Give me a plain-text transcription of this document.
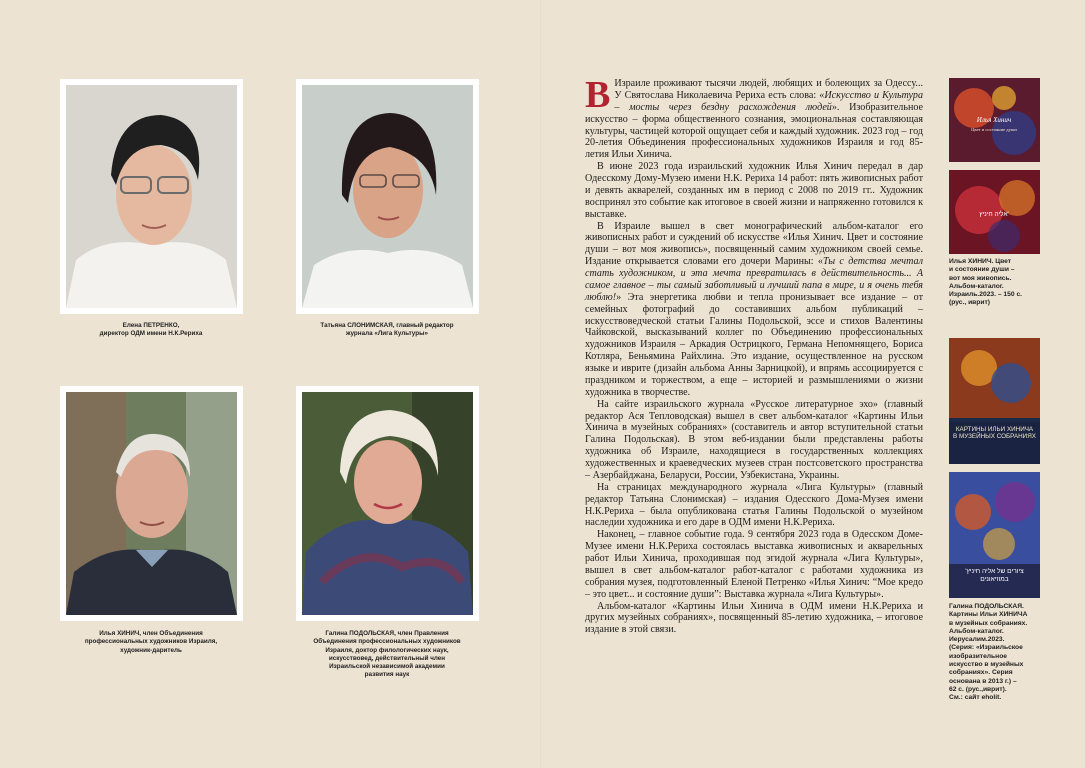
Елена ПЕТРЕНКО,
директор ОДМ имени Н.К.Рериха
Татьяна СЛОНИМСКАЯ, главный редактор
журнала «Лига Культуры»
Илья ХИНИЧ, член Объединения
профессиональных художников Израиля,
художник-даритель
Галина ПОДОЛЬСКАЯ, член Правления
Объединения профессиональных художников
Израиля, доктор филологических наук,
искусствовед, действительный член
Израильской независимой академии
развития наук

В Израиле проживают тысячи людей, любящих и болеющих за Одессу... У Святослава Николаевича Рериха есть слова: «Искусство и Культура – мосты через бездну расхождения людей». Изобразительное искусство – форма общественного сознания, эмоциональная составляющая культуры, частицей которой ощущает себя и каждый художник. 2023 год – год 20-летия Объединения профессиональных художников Израиля и год 85-летия Ильи Хинича.

В июне 2023 года израильский художник Илья Хинич передал в дар Одесскому Дому-Музею имени Н.К. Рериха 14 работ: пять живописных работ и девять акварелей, созданных им в период с 2008 по 2019 гг.. Художник воспринял это событие как итоговое в своей жизни и напряженно готовился к выставке.

В Израиле вышел в свет монографический альбом-каталог его живописных работ и суждений об искусстве «Илья Хинич. Цвет и состояние души – вот моя живопись», посвященный самим художником своей семье. Издание открывается словами его дочери Марины: «Ты с детства мечтал стать художником, и эта мечта превратилась в действительность... А самое главное – ты самый заботливый и лучший папа в мире, и я очень тебя люблю!» Эта энергетика любви и тепла пронизывает все издание – от семейных фотографий до составивших альбом публикаций – искусствоведческой статьи Галины Подольской, эссе и стихов Валентины Чайковской, высказываний коллег по Объединению профессиональных художников Израиля – Аркадия Острицкого, Германа Непомнящего, Бориса Котляра, Беньямина Райхлина. Это издание, осуществленное на русском языке и иврите (дизайн альбома Анны Зарницкой), и впрямь ассоциируется с праздником и торжеством, а еще – историей и размышлениями о жизни художника в творчестве.

На сайте израильского журнала «Русское литературное эхо» (главный редактор Ася Тепловодская) вышел в свет альбом-каталог «Картины Ильи Хинича в музейных собраниях» (составитель и автор вступительной статьи Галина Подольская). В этом веб-издании были представлены работы художника об Израиле, находящиеся в государственных коллекциях художественных и краеведческих музеев стран постсоветского пространства – Азербайджана, Беларуси, России, Узбекистана, Украины.

На страницах международного журнала «Лига Культуры» (главный редактор Татьяна Слонимская) – издания Одесского Дома-Музея имени Н.К.Рериха – была опубликована статья Галины Подольской о музейном наследии художника и его даре в ОДМ имени Н.К.Рериха.

Наконец, – главное событие года. 9 сентября 2023 года в Одесском Доме-Музее имени Н.К.Рериха состоялась выставка живописных и акварельных работ Ильи Хинича, проходившая под эгидой журнала «Лига Культуры», вышел в свет альбом-каталог работ-каталог с работами художника из собрания музея, подготовленный Еленой Петренко «Илья Хинич: “Мое кредо – это цвет... и состояние души”: Выставка журнала «Лига Культуры».

Альбом-каталог «Картины Ильи Хинича в ОДМ имени Н.К.Рериха и других музейных собраниях», посвященный 85-летию художника, – итоговое издание в этой связи.

Илья Хинич
Цвет и состояние души
אליה חיניץ'
Илья ХИНИЧ. Цвет
и состояние души –
вот моя живопись.
Альбом-каталог.
Израиль.2023. – 150 с.
(рус., иврит)
КАРТИНЫ ИЛЬИ ХИНИЧА В МУЗЕЙНЫХ СОБРАНИЯХ
ציורים של אליה חיניץ' במוזיאונים
Галина ПОДОЛЬСКАЯ.
Картины Ильи ХИНИЧА
в музейных собраниях.
Альбом-каталог.
Иерусалим.2023.
(Серия: «Израильское
изобразительное
искусство в музейных
собраниях». Серия
основана в 2013 г.) –
62 с. (рус.,иврит).
См.: сайт eholit.
